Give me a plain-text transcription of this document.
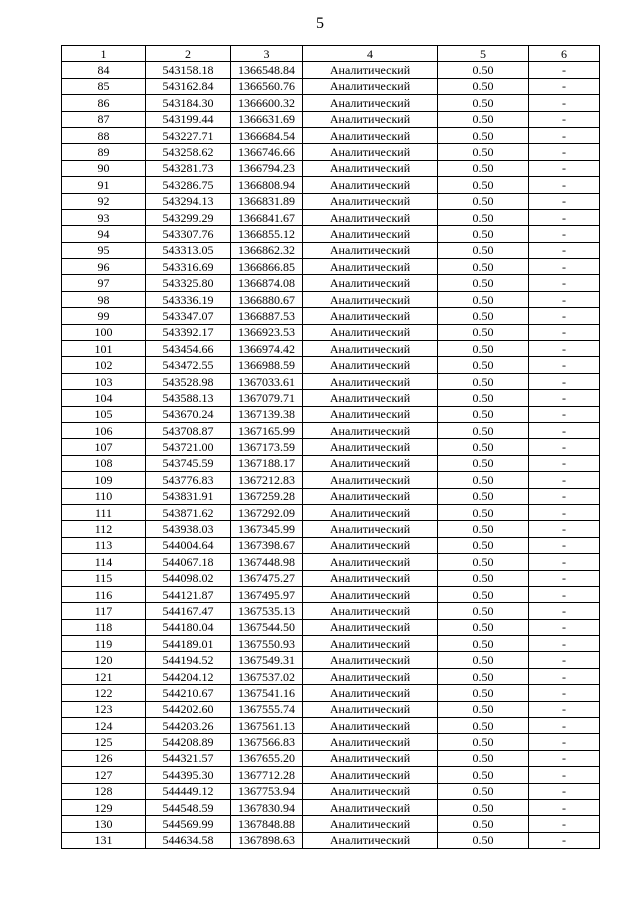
5
1	2	3	4	5	6
84	543158.18	1366548.84	Аналитический	0.50	-
85	543162.84	1366560.76	Аналитический	0.50	-
86	543184.30	1366600.32	Аналитический	0.50	-
87	543199.44	1366631.69	Аналитический	0.50	-
88	543227.71	1366684.54	Аналитический	0.50	-
89	543258.62	1366746.66	Аналитический	0.50	-
90	543281.73	1366794.23	Аналитический	0.50	-
91	543286.75	1366808.94	Аналитический	0.50	-
92	543294.13	1366831.89	Аналитический	0.50	-
93	543299.29	1366841.67	Аналитический	0.50	-
94	543307.76	1366855.12	Аналитический	0.50	-
95	543313.05	1366862.32	Аналитический	0.50	-
96	543316.69	1366866.85	Аналитический	0.50	-
97	543325.80	1366874.08	Аналитический	0.50	-
98	543336.19	1366880.67	Аналитический	0.50	-
99	543347.07	1366887.53	Аналитический	0.50	-
100	543392.17	1366923.53	Аналитический	0.50	-
101	543454.66	1366974.42	Аналитический	0.50	-
102	543472.55	1366988.59	Аналитический	0.50	-
103	543528.98	1367033.61	Аналитический	0.50	-
104	543588.13	1367079.71	Аналитический	0.50	-
105	543670.24	1367139.38	Аналитический	0.50	-
106	543708.87	1367165.99	Аналитический	0.50	-
107	543721.00	1367173.59	Аналитический	0.50	-
108	543745.59	1367188.17	Аналитический	0.50	-
109	543776.83	1367212.83	Аналитический	0.50	-
110	543831.91	1367259.28	Аналитический	0.50	-
111	543871.62	1367292.09	Аналитический	0.50	-
112	543938.03	1367345.99	Аналитический	0.50	-
113	544004.64	1367398.67	Аналитический	0.50	-
114	544067.18	1367448.98	Аналитический	0.50	-
115	544098.02	1367475.27	Аналитический	0.50	-
116	544121.87	1367495.97	Аналитический	0.50	-
117	544167.47	1367535.13	Аналитический	0.50	-
118	544180.04	1367544.50	Аналитический	0.50	-
119	544189.01	1367550.93	Аналитический	0.50	-
120	544194.52	1367549.31	Аналитический	0.50	-
121	544204.12	1367537.02	Аналитический	0.50	-
122	544210.67	1367541.16	Аналитический	0.50	-
123	544202.60	1367555.74	Аналитический	0.50	-
124	544203.26	1367561.13	Аналитический	0.50	-
125	544208.89	1367566.83	Аналитический	0.50	-
126	544321.57	1367655.20	Аналитический	0.50	-
127	544395.30	1367712.28	Аналитический	0.50	-
128	544449.12	1367753.94	Аналитический	0.50	-
129	544548.59	1367830.94	Аналитический	0.50	-
130	544569.99	1367848.88	Аналитический	0.50	-
131	544634.58	1367898.63	Аналитический	0.50	-
